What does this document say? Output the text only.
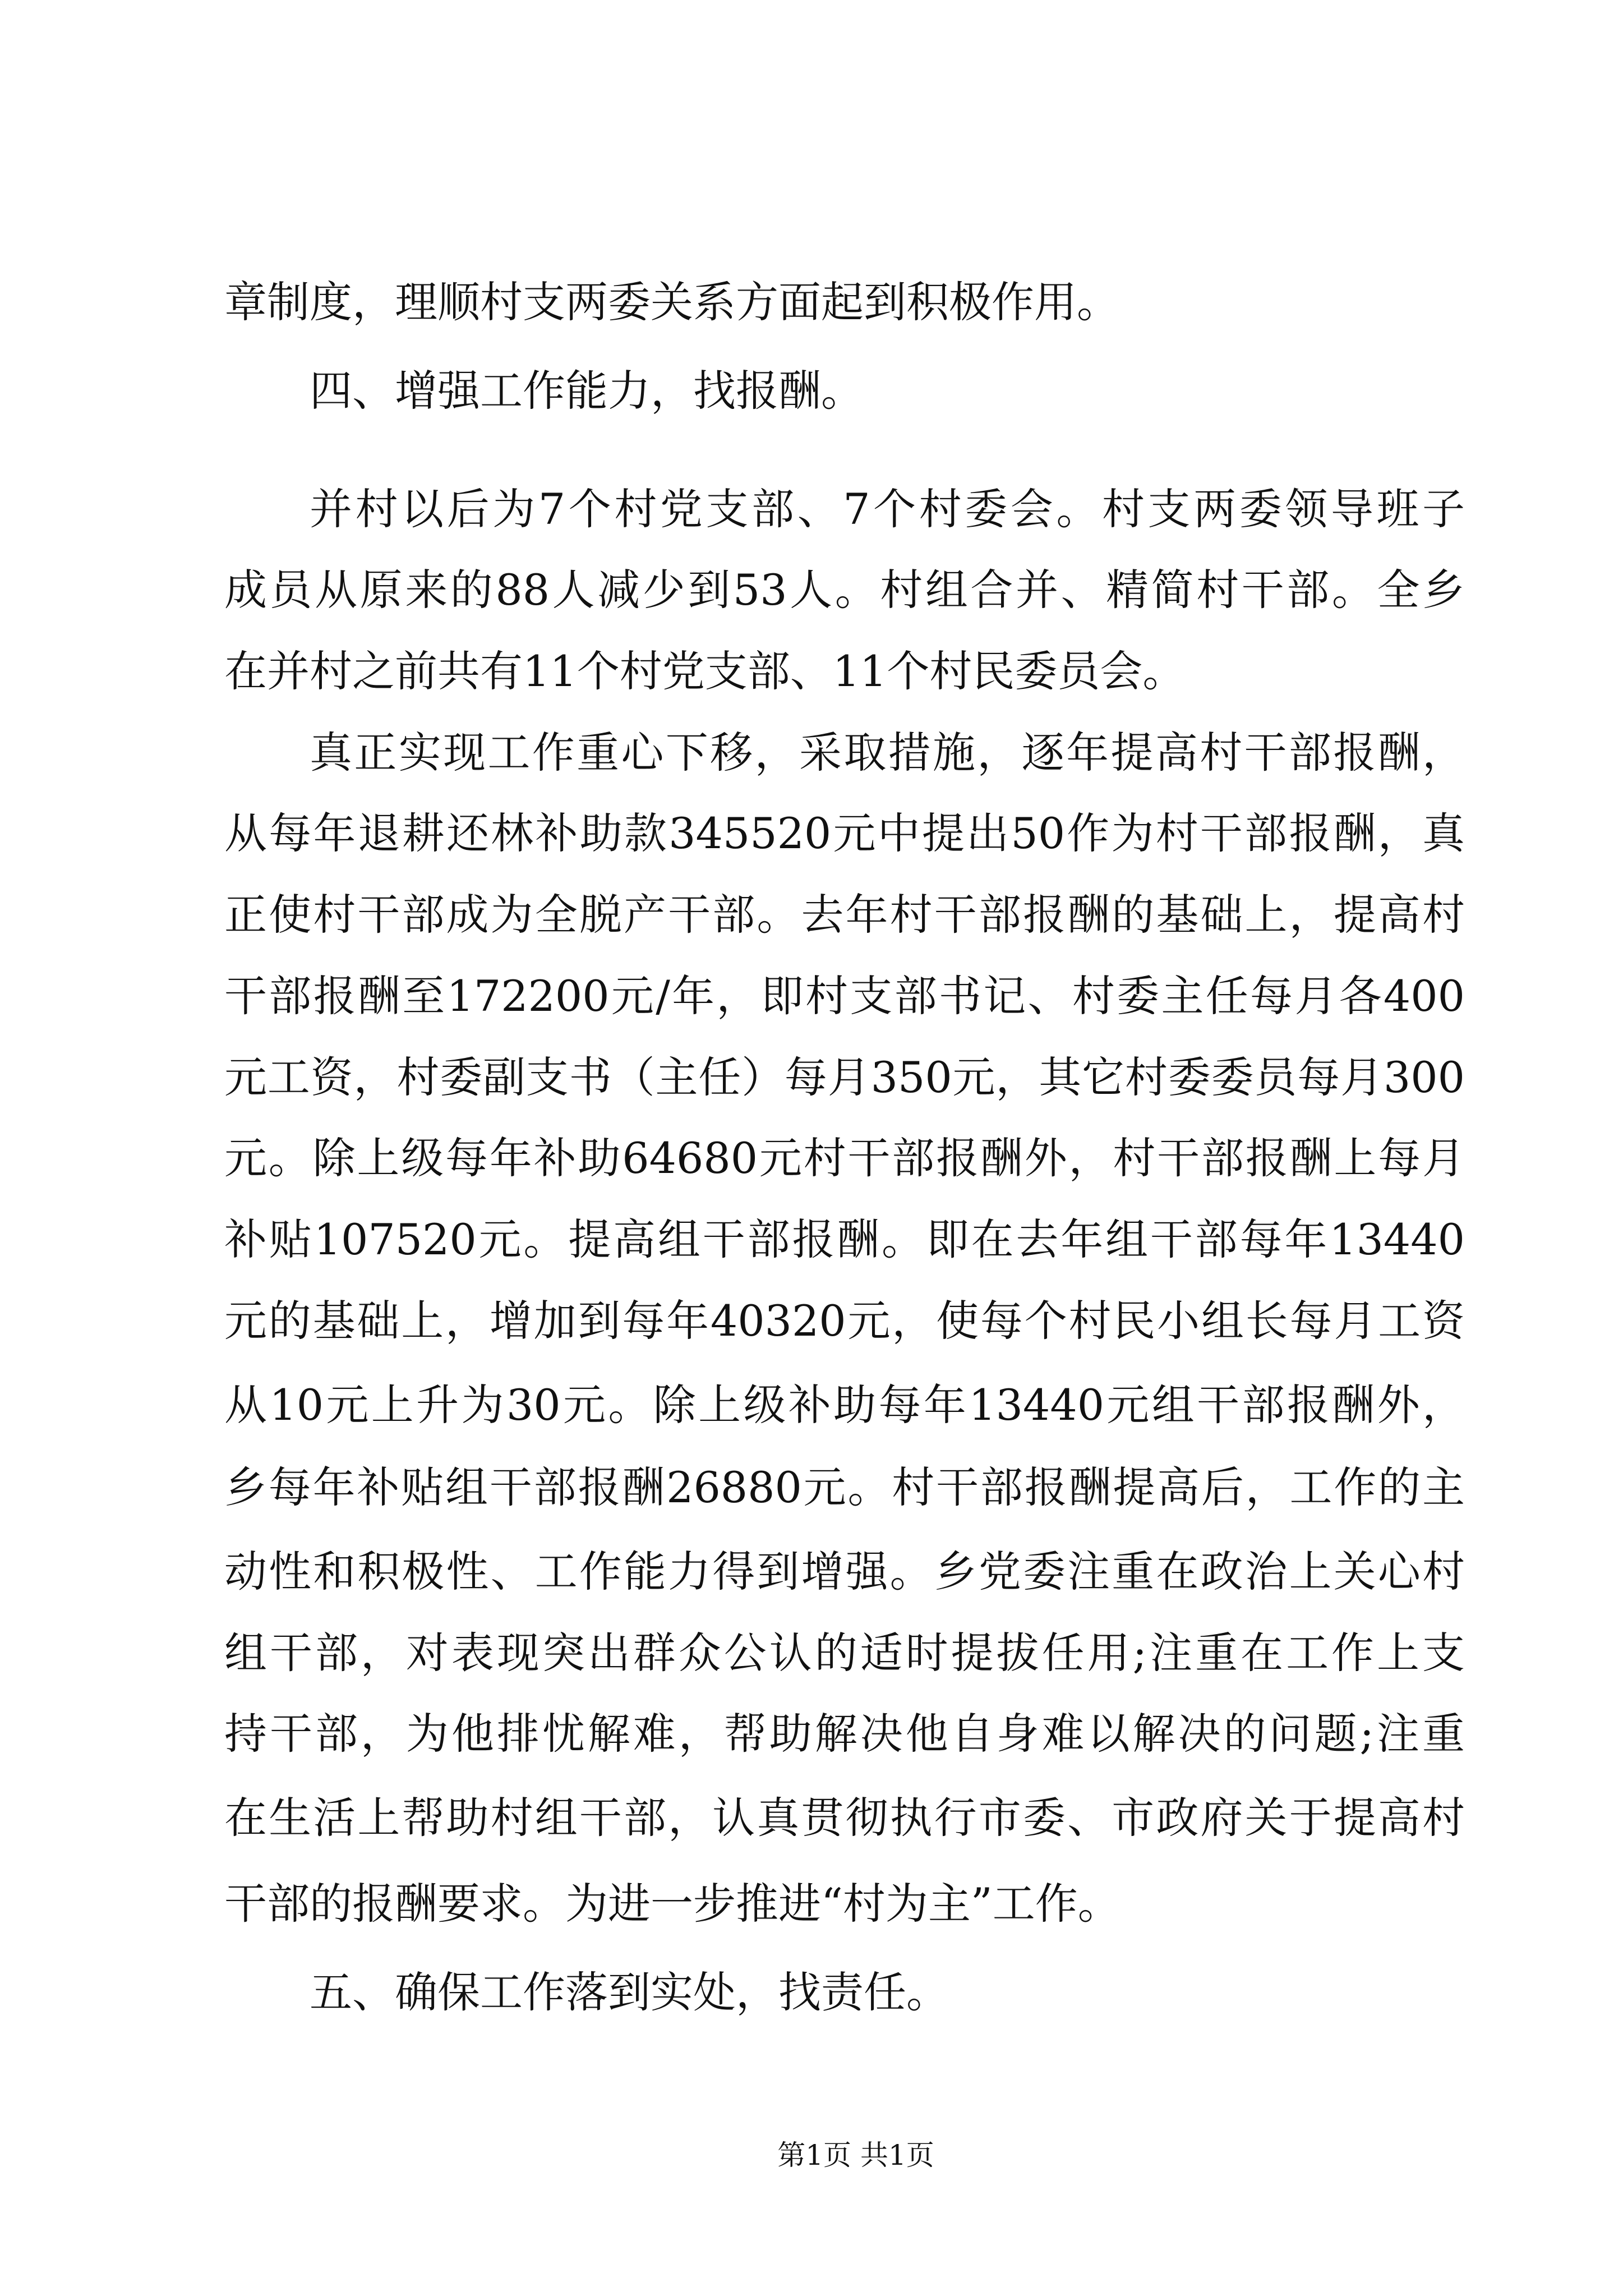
章制度，理顺村支两委关系方面起到积极作用。
四、增强工作能力，找报酬。
并村以后为7个村党支部、7个村委会。村支两委领导班子
成员从原来的88人减少到53人。村组合并、精简村干部。全乡
在并村之前共有11个村党支部、11个村民委员会。
真正实现工作重心下移，采取措施，逐年提高村干部报酬，
从每年退耕还林补助款345520元中提出50作为村干部报酬，真
正使村干部成为全脱产干部。去年村干部报酬的基础上，提高村
干部报酬至172200元/年，即村支部书记、村委主任每月各400
元工资，村委副支书（主任）每月350元，其它村委委员每月300
元。除上级每年补助64680元村干部报酬外，村干部报酬上每月
补贴107520元。提高组干部报酬。即在去年组干部每年13440
元的基础上，增加到每年40320元，使每个村民小组长每月工资
从10元上升为30元。除上级补助每年13440元组干部报酬外，
乡每年补贴组干部报酬26880元。村干部报酬提高后，工作的主
动性和积极性、工作能力得到增强。乡党委注重在政治上关心村
组干部，对表现突出群众公认的适时提拔任用;注重在工作上支
持干部，为他排忧解难，帮助解决他自身难以解决的问题;注重
在生活上帮助村组干部，认真贯彻执行市委、市政府关于提高村
干部的报酬要求。为进一步推进“村为主”工作。
五、确保工作落到实处，找责任。
第1页 共1页
